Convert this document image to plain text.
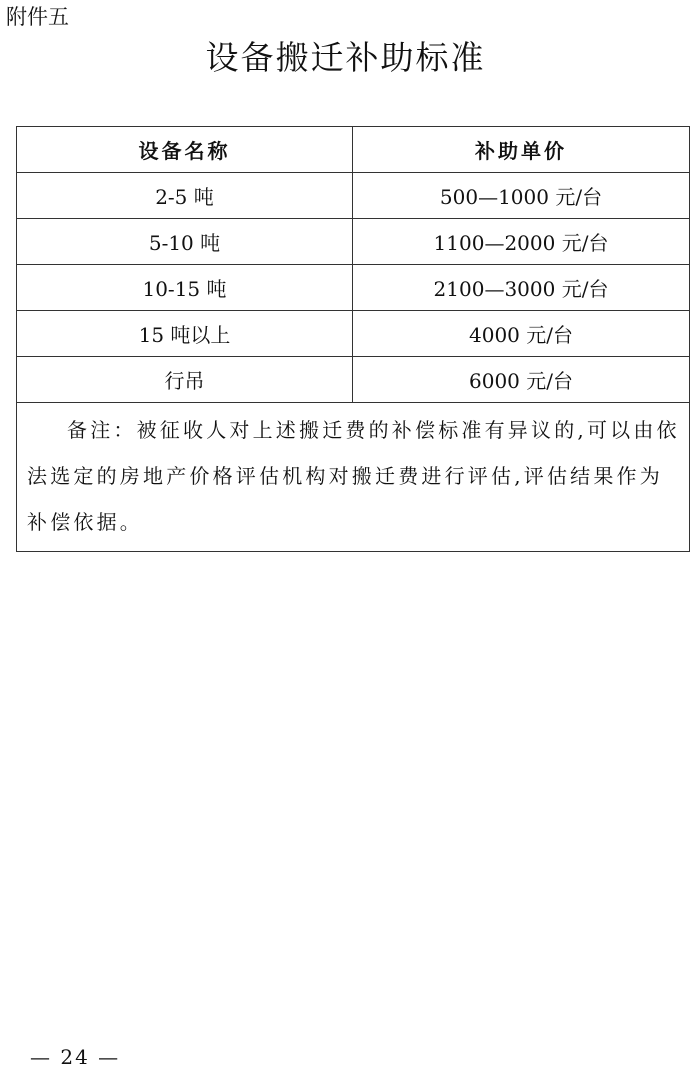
附件五
设备搬迁补助标准
设备名称	补助单价
2-5 吨	500—1000 元/台
5-10 吨	1100—2000 元/台
10-15 吨	2100—3000 元/台
15 吨以上	4000 元/台
行吊	6000 元/台
备注：被征收人对上述搬迁费的补偿标准有异议的,可以由依法选定的房地产价格评估机构对搬迁费进行评估,评估结果作为补偿依据。	
— 24 —
